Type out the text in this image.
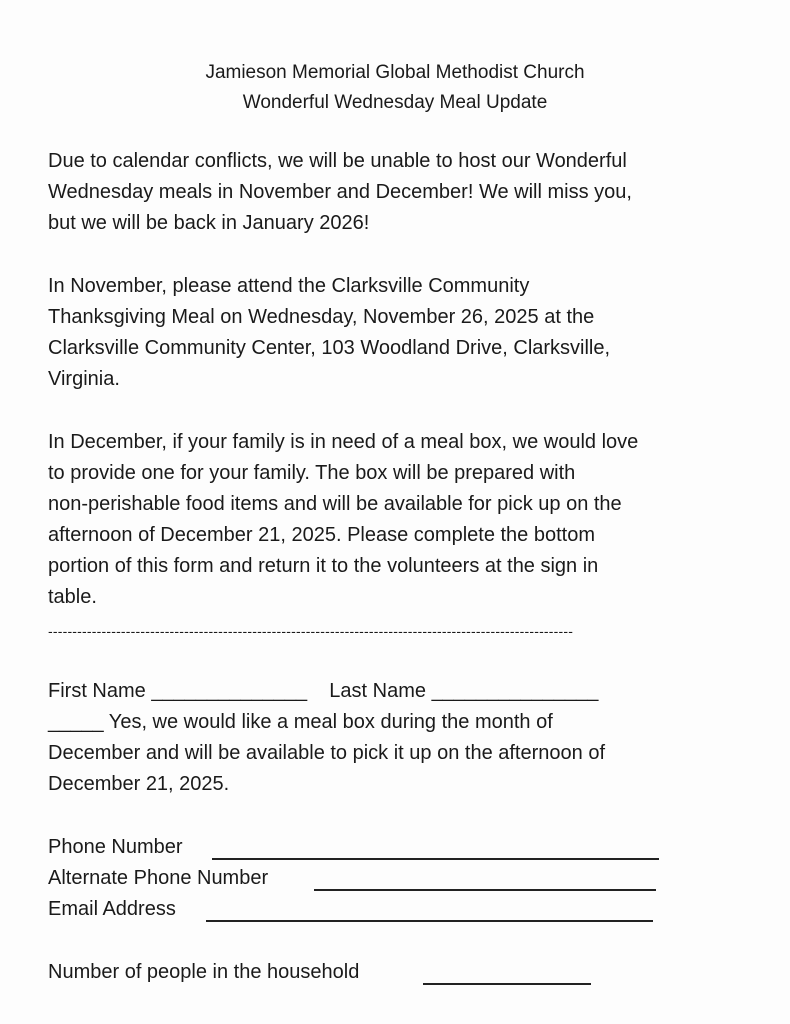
Jamieson Memorial Global Methodist Church
Wonderful Wednesday Meal Update
Due to calendar conflicts, we will be unable to host our Wonderful
Wednesday meals in November and December! We will miss you,
but we will be back in January 2026!
In November, please attend the Clarksville Community
Thanksgiving Meal on Wednesday, November 26, 2025 at the
Clarksville Community Center, 103 Woodland Drive, Clarksville,
Virginia.
In December, if your family is in need of a meal box, we would love
to provide one for your family. The box will be prepared with
non-perishable food items and will be available for pick up on the
afternoon of December 21, 2025. Please complete the bottom
portion of this form and return it to the volunteers at the sign in
table.
------------------------------------------------------------------------------------------------------------
First Name ______________ Last Name _______________
_____ Yes, we would like a meal box during the month of
December and will be available to pick it up on the afternoon of
December 21, 2025.
Phone Number
Alternate Phone Number
Email Address
Number of people in the household
